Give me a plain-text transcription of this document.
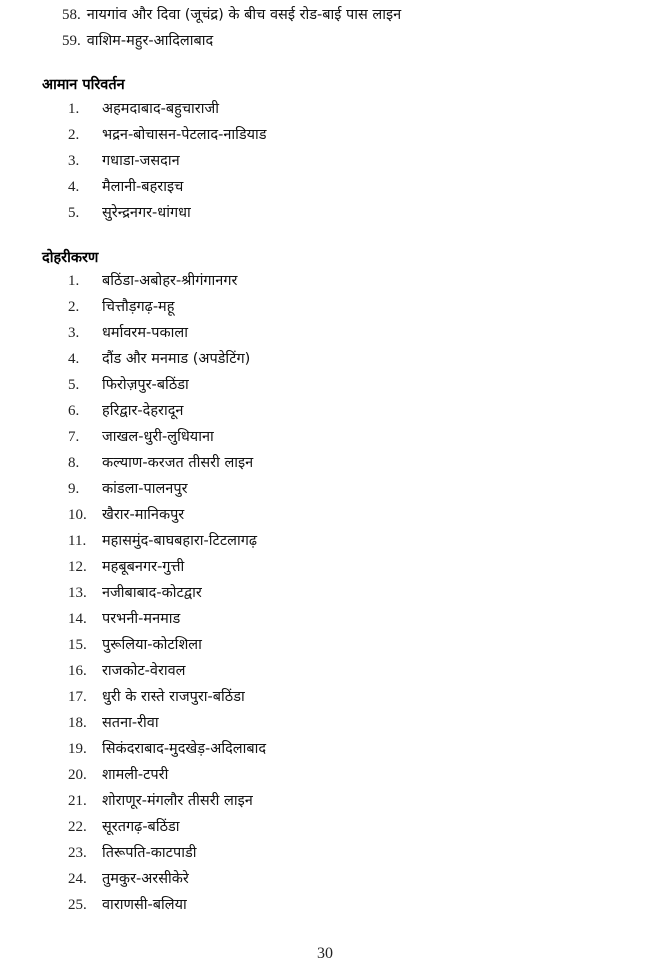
58. नायगांव और दिवा (जूचंद्र) के बीच वसई रोड-बाई पास लाइन
59. वाशिम-महुर-आदिलाबाद
आमान परिवर्तन
1.	अहमदाबाद-बहुचाराजी
2.	भद्रन-बोचासन-पेटलाद-नाडियाड
3.	गधाडा-जसदान
4.	मैलानी-बहराइच
5.	सुरेन्द्रनगर-धांगधा
दोहरीकरण
1.	बठिंडा-अबोहर-श्रीगंगानगर
2.	चित्तौड़गढ़-महू
3.	धर्मावरम-पकाला
4.	दौंड और मनमाड (अपडेटिंग)
5.	फिरोज़पुर-बठिंडा
6.	हरिद्वार-देहरादून
7.	जाखल-धुरी-लुधियाना
8.	कल्याण-करजत तीसरी लाइन
9.	कांडला-पालनपुर
10.	खैरार-मानिकपुर
11.	महासमुंद-बाघबहारा-टिटलागढ़
12.	महबूबनगर-गुत्ती
13.	नजीबाबाद-कोटद्वार
14.	परभनी-मनमाड
15.	पुरूलिया-कोटशिला
16.	राजकोट-वेरावल
17.	धुरी के रास्ते राजपुरा-बठिंडा
18.	सतना-रीवा
19.	सिकंदराबाद-मुदखेड़-अदिलाबाद
20.	शामली-टपरी
21.	शोराणूर-मंगलौर तीसरी लाइन
22.	सूरतगढ़-बठिंडा
23.	तिरूपति-काटपाडी
24.	तुमकुर-अरसीकेरे
25.	वाराणसी-बलिया
30
